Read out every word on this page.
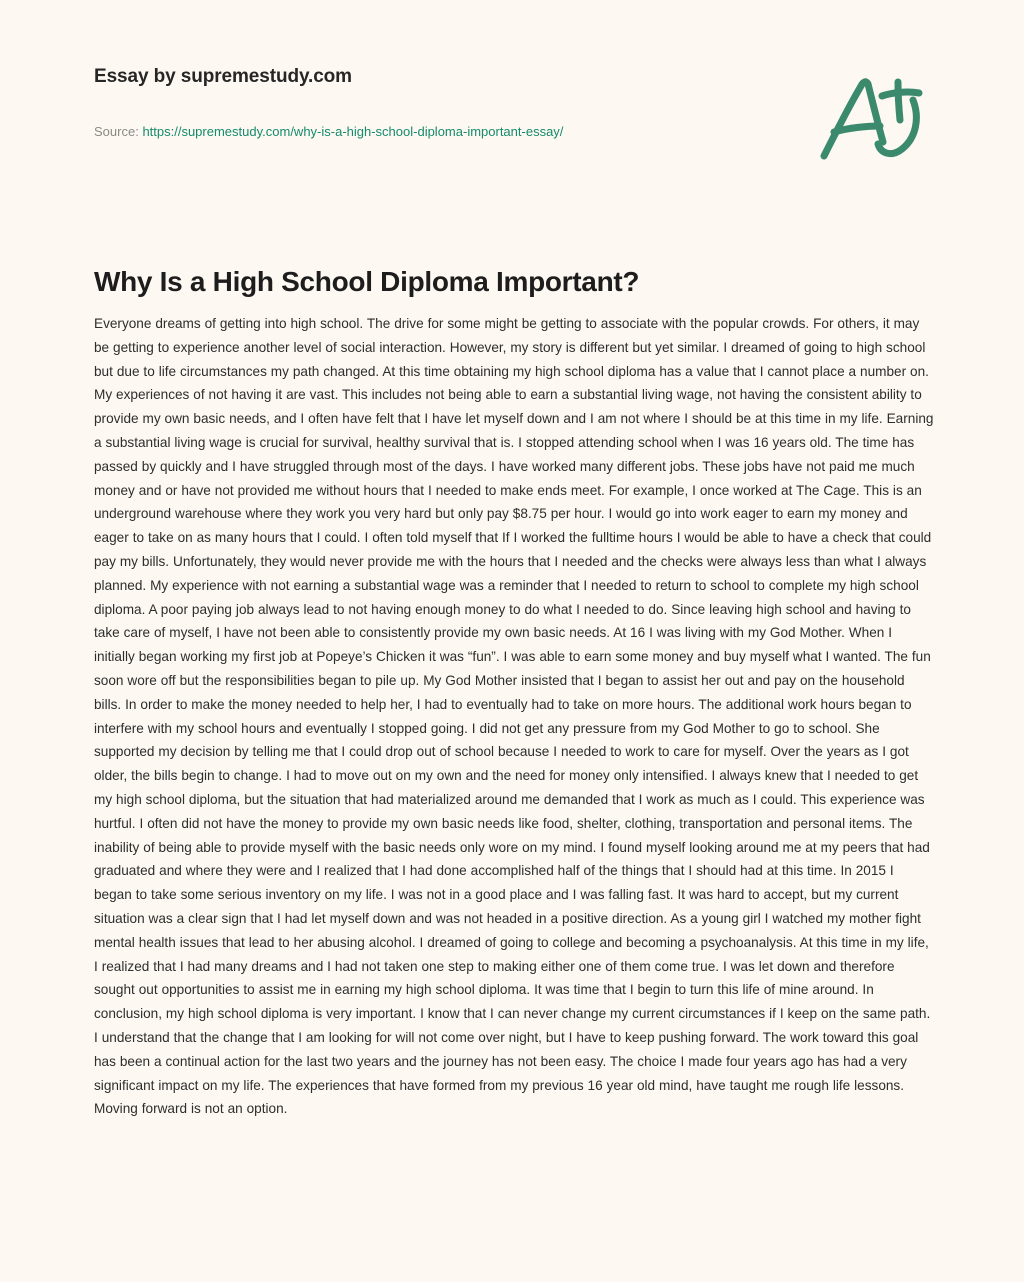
Essay by supremestudy.com
Source: https://supremestudy.com/why-is-a-high-school-diploma-important-essay/
Why Is a High School Diploma Important?

Everyone dreams of getting into high school. The drive for some might be getting to associate with the popular crowds. For others, it may be getting to experience another level of social interaction. However, my story is different but yet similar. I dreamed of going to high school but due to life circumstances my path changed. At this time obtaining my high school diploma has a value that I cannot place a number on. My experiences of not having it are vast. This includes not being able to earn a substantial living wage, not having the consistent ability to provide my own basic needs, and I often have felt that I have let myself down and I am not where I should be at this time in my life. Earning a substantial living wage is crucial for survival, healthy survival that is. I stopped attending school when I was 16 years old. The time has passed by quickly and I have struggled through most of the days. I have worked many different jobs. These jobs have not paid me much money and or have not provided me without hours that I needed to make ends meet. For example, I once worked at The Cage. This is an underground warehouse where they work you very hard but only pay $8.75 per hour. I would go into work eager to earn my money and eager to take on as many hours that I could. I often told myself that If I worked the fulltime hours I would be able to have a check that could pay my bills. Unfortunately, they would never provide me with the hours that I needed and the checks were always less than what I always planned. My experience with not earning a substantial wage was a reminder that I needed to return to school to complete my high school diploma. A poor paying job always lead to not having enough money to do what I needed to do. Since leaving high school and having to take care of myself, I have not been able to consistently provide my own basic needs. At 16 I was living with my God Mother. When I initially began working my first job at Popeye’s Chicken it was “fun”. I was able to earn some money and buy myself what I wanted. The fun soon wore off but the responsibilities began to pile up. My God Mother insisted that I began to assist her out and pay on the household bills. In order to make the money needed to help her, I had to eventually had to take on more hours. The additional work hours began to interfere with my school hours and eventually I stopped going. I did not get any pressure from my God Mother to go to school. She supported my decision by telling me that I could drop out of school because I needed to work to care for myself. Over the years as I got older, the bills begin to change. I had to move out on my own and the need for money only intensified. I always knew that I needed to get my high school diploma, but the situation that had materialized around me demanded that I work as much as I could. This experience was hurtful. I often did not have the money to provide my own basic needs like food, shelter, clothing, transportation and personal items. The inability of being able to provide myself with the basic needs only wore on my mind. I found myself looking around me at my peers that had graduated and where they were and I realized that I had done accomplished half of the things that I should had at this time. In 2015 I began to take some serious inventory on my life. I was not in a good place and I was falling fast. It was hard to accept, but my current situation was a clear sign that I had let myself down and was not headed in a positive direction. As a young girl I watched my mother fight mental health issues that lead to her abusing alcohol. I dreamed of going to college and becoming a psychoanalysis. At this time in my life, I realized that I had many dreams and I had not taken one step to making either one of them come true. I was let down and therefore sought out opportunities to assist me in earning my high school diploma. It was time that I begin to turn this life of mine around. In conclusion, my high school diploma is very important. I know that I can never change my current circumstances if I keep on the same path. I understand that the change that I am looking for will not come over night, but I have to keep pushing forward. The work toward this goal has been a continual action for the last two years and the journey has not been easy. The choice I made four years ago has had a very significant impact on my life. The experiences that have formed from my previous 16 year old mind, have taught me rough life lessons. Moving forward is not an option.
